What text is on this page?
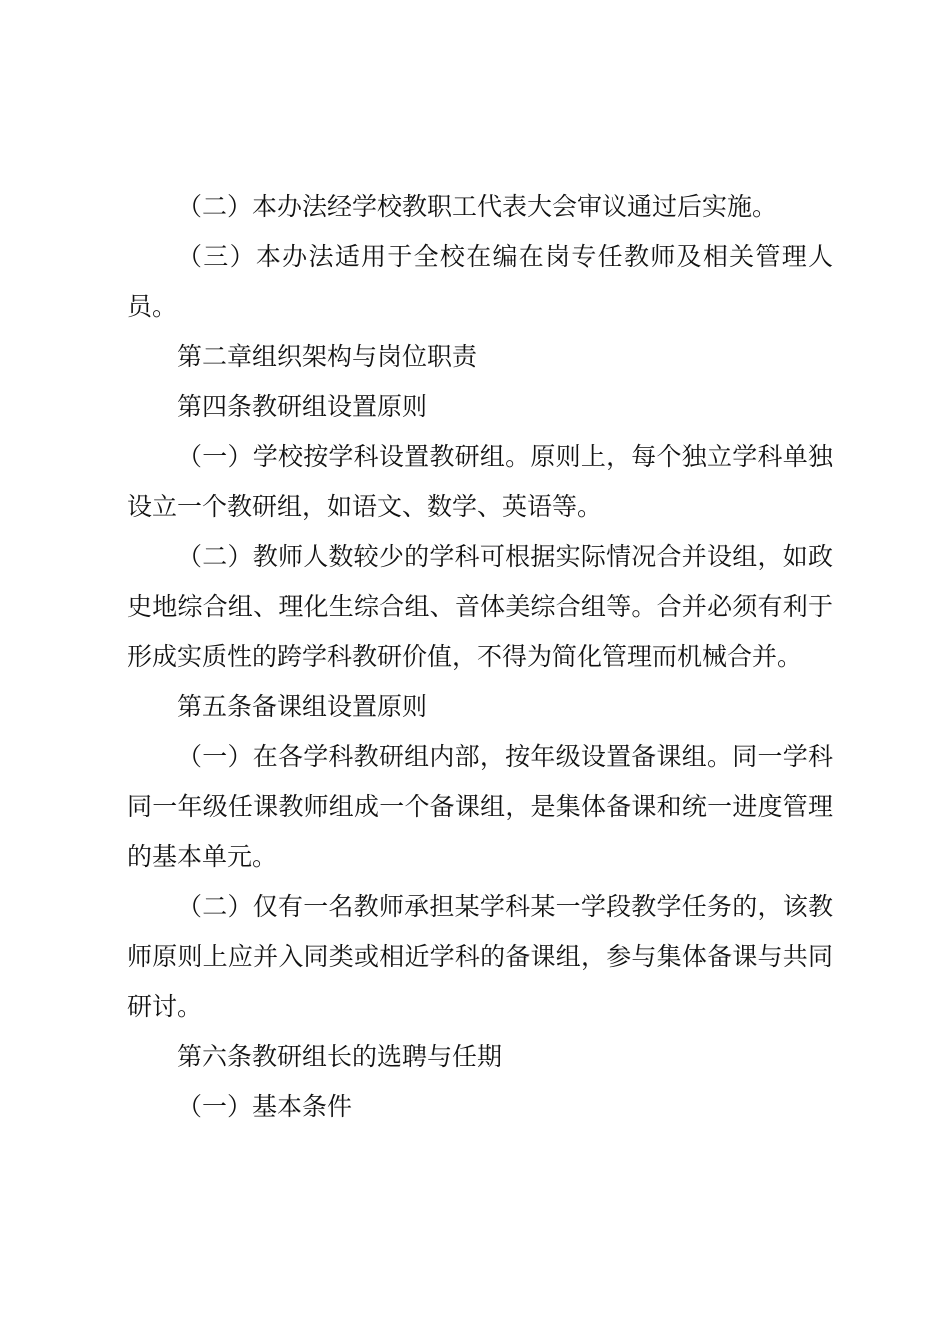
（二）本办法经学校教职工代表大会审议通过后实施。

（三）本办法适用于全校在编在岗专任教师及相关管理人员。

第二章组织架构与岗位职责

第四条教研组设置原则

（一）学校按学科设置教研组。原则上，每个独立学科单独设立一个教研组，如语文、数学、英语等。

（二）教师人数较少的学科可根据实际情况合并设组，如政史地综合组、理化生综合组、音体美综合组等。合并必须有利于形成实质性的跨学科教研价值，不得为简化管理而机械合并。

第五条备课组设置原则

（一）在各学科教研组内部，按年级设置备课组。同一学科同一年级任课教师组成一个备课组，是集体备课和统一进度管理的基本单元。

（二）仅有一名教师承担某学科某一学段教学任务的，该教师原则上应并入同类或相近学科的备课组，参与集体备课与共同研讨。

第六条教研组长的选聘与任期

（一）基本条件
